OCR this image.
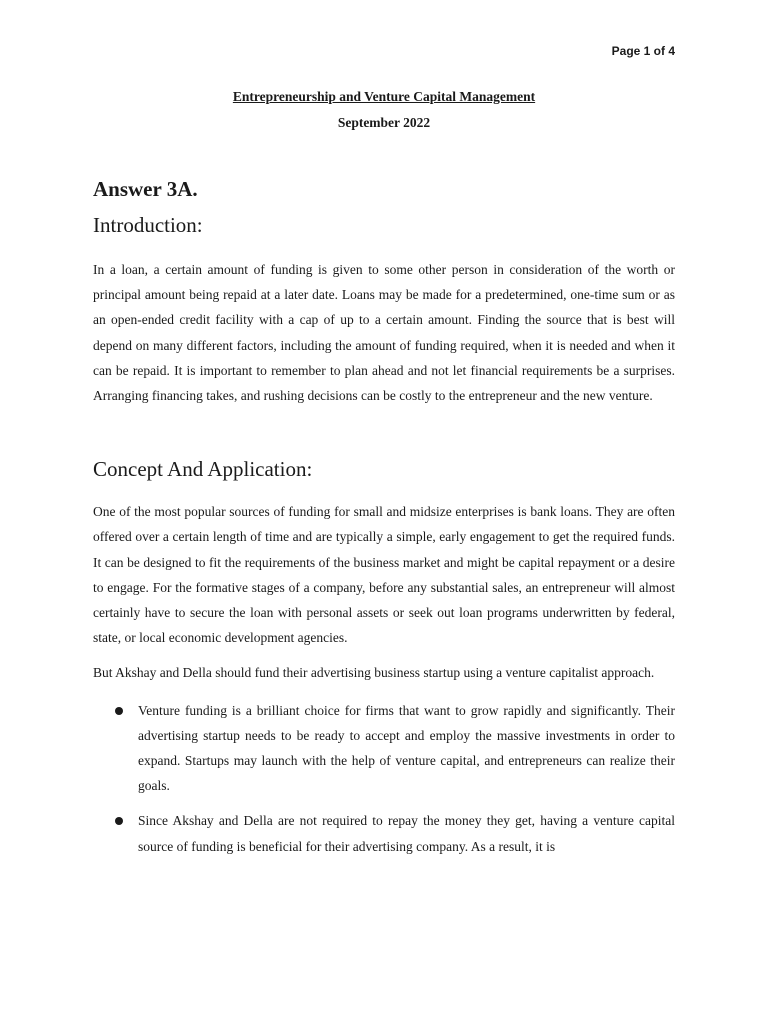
Page 1 of 4
Entrepreneurship and Venture Capital Management
September 2022
Answer 3A.
Introduction:

In a loan, a certain amount of funding is given to some other person in consideration of the worth or principal amount being repaid at a later date. Loans may be made for a predetermined, one-time sum or as an open-ended credit facility with a cap of up to a certain amount. Finding the source that is best will depend on many different factors, including the amount of funding required, when it is needed and when it can be repaid. It is important to remember to plan ahead and not let financial requirements be a surprises. Arranging financing takes, and rushing decisions can be costly to the entrepreneur and the new venture.

Concept And Application:

One of the most popular sources of funding for small and midsize enterprises is bank loans. They are often offered over a certain length of time and are typically a simple, early engagement to get the required funds. It can be designed to fit the requirements of the business market and might be capital repayment or a desire to engage. For the formative stages of a company, before any substantial sales, an entrepreneur will almost certainly have to secure the loan with personal assets or seek out loan programs underwritten by federal, state, or local economic development agencies.

But Akshay and Della should fund their advertising business startup using a venture capitalist approach.

Venture funding is a brilliant choice for firms that want to grow rapidly and significantly. Their advertising startup needs to be ready to accept and employ the massive investments in order to expand. Startups may launch with the help of venture capital, and entrepreneurs can realize their goals.

Since Akshay and Della are not required to repay the money they get, having a venture capital source of funding is beneficial for their advertising company. As a result, it is
